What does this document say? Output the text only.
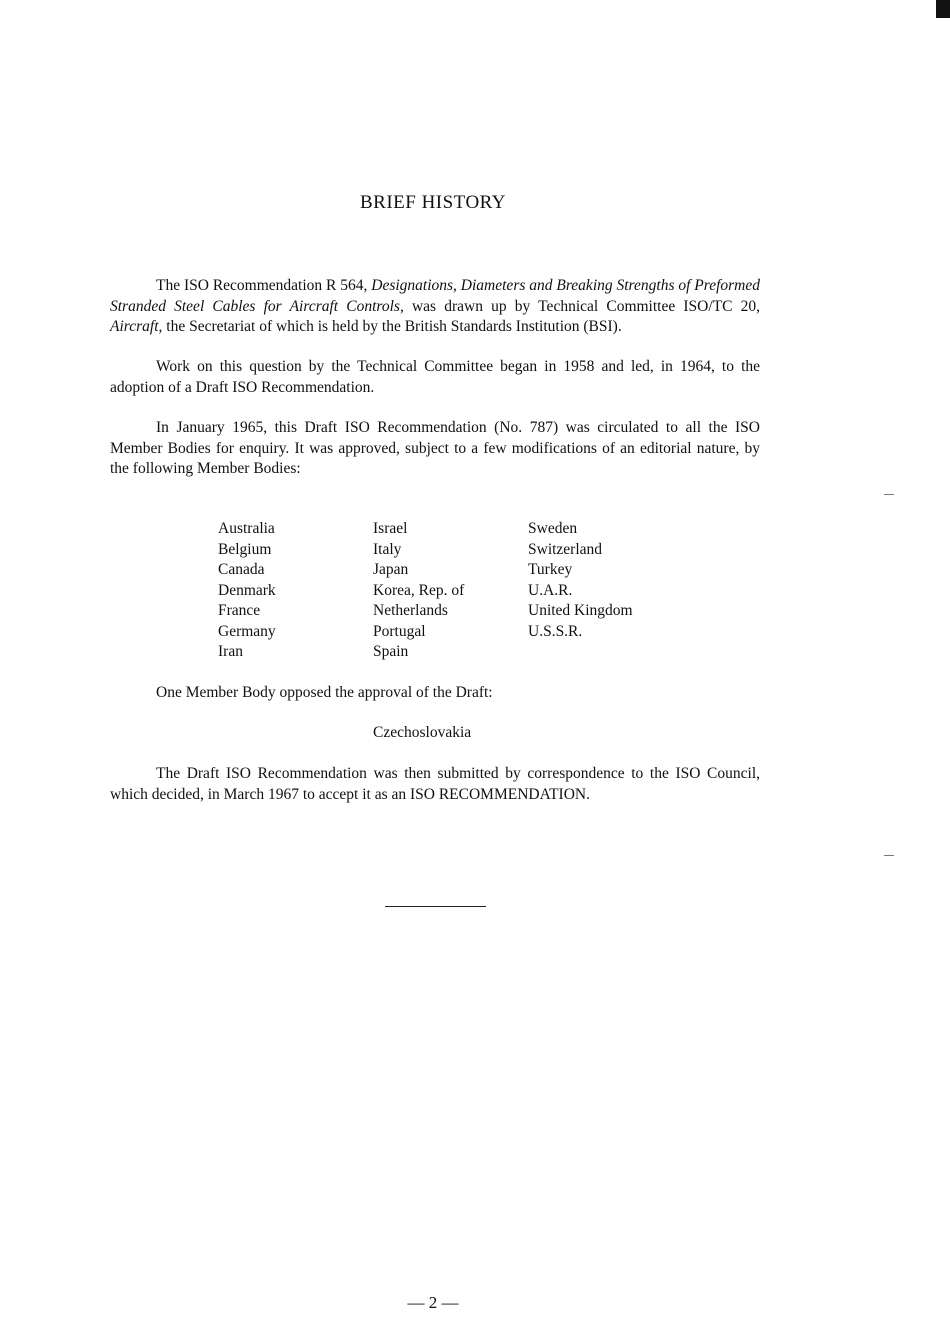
BRIEF HISTORY
The ISO Recommendation R 564, Designations, Diameters and Breaking Strengths of Preformed Stranded Steel Cables for Aircraft Controls, was drawn up by Technical Committee ISO/TC 20, Aircraft, the Secretariat of which is held by the British Standards Institution (BSI).
Work on this question by the Technical Committee began in 1958 and led, in 1964, to the adoption of a Draft ISO Recommendation.
In January 1965, this Draft ISO Recommendation (No. 787) was circulated to all the ISO Member Bodies for enquiry. It was approved, subject to a few modifications of an editorial nature, by the following Member Bodies:
Australia
Belgium
Canada
Denmark
France
Germany
Iran
Israel
Italy
Japan
Korea, Rep. of
Netherlands
Portugal
Spain
Sweden
Switzerland
Turkey
U.A.R.
United Kingdom
U.S.S.R.
One Member Body opposed the approval of the Draft:
Czechoslovakia
The Draft ISO Recommendation was then submitted by correspondence to the ISO Council, which decided, in March 1967 to accept it as an ISO RECOMMENDATION.
— 2 —
